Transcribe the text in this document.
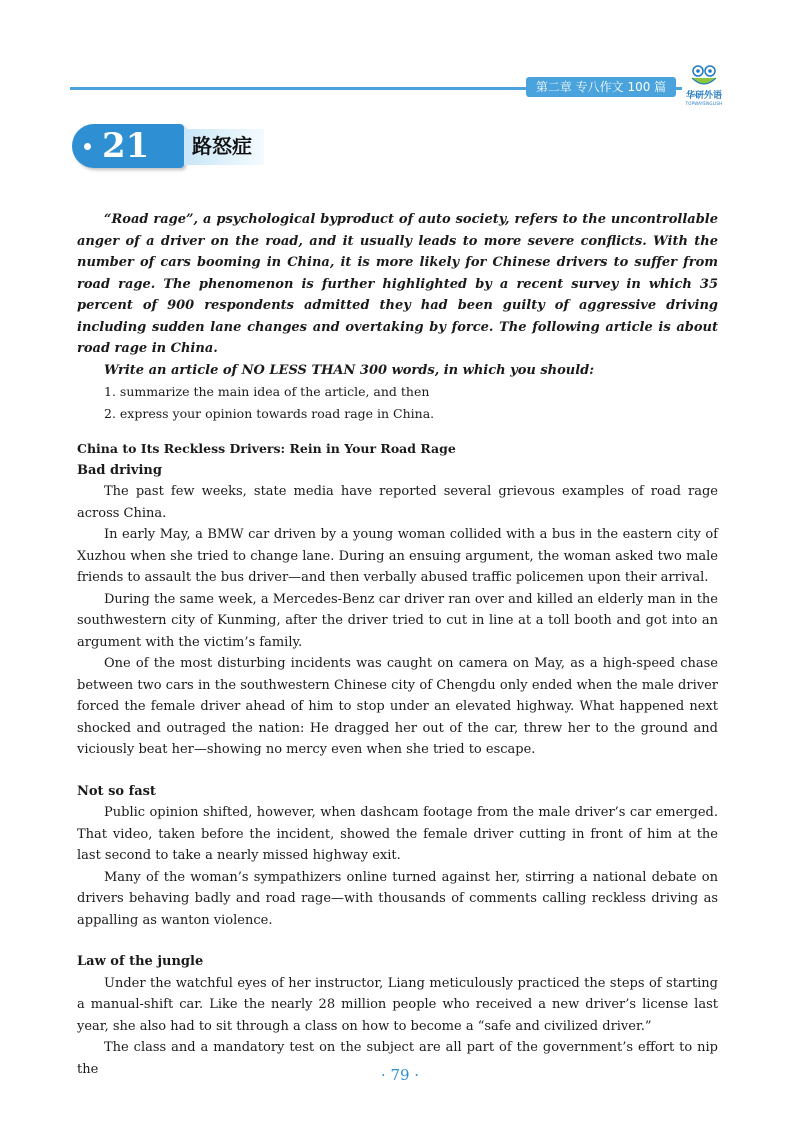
第二章 专八作文 100 篇
华研外语
TOPWAYENGLISH
21	路怒症

“Road rage”, a psychological byproduct of auto society, refers to the uncontrollable anger of a driver on the road, and it usually leads to more severe conflicts. With the number of cars booming in China, it is more likely for Chinese drivers to suffer from road rage. The phenomenon is further highlighted by a recent survey in which 35 percent of 900 respondents admitted they had been guilty of aggressive driving including sudden lane changes and overtaking by force. The following article is about road rage in China.

Write an article of NO LESS THAN 300 words, in which you should:

1. summarize the main idea of the article, and then

2. express your opinion towards road rage in China.

China to Its Reckless Drivers: Rein in Your Road Rage

Bad driving

The past few weeks, state media have reported several grievous examples of road rage across China.

In early May, a BMW car driven by a young woman collided with a bus in the eastern city of Xuzhou when she tried to change lane. During an ensuing argument, the woman asked two male friends to assault the bus driver—and then verbally abused traffic policemen upon their arrival.

During the same week, a Mercedes-Benz car driver ran over and killed an elderly man in the southwestern city of Kunming, after the driver tried to cut in line at a toll booth and got into an argument with the victim’s family.

One of the most disturbing incidents was caught on camera on May, as a high-speed chase between two cars in the southwestern Chinese city of Chengdu only ended when the male driver forced the female driver ahead of him to stop under an elevated highway. What happened next shocked and outraged the nation: He dragged her out of the car, threw her to the ground and viciously beat her—showing no mercy even when she tried to escape.

Not so fast

Public opinion shifted, however, when dashcam footage from the male driver’s car emerged. That video, taken before the incident, showed the female driver cutting in front of him at the last second to take a nearly missed highway exit.

Many of the woman’s sympathizers online turned against her, stirring a national debate on drivers behaving badly and road rage—with thousands of comments calling reckless driving as appalling as wanton violence.

Law of the jungle

Under the watchful eyes of her instructor, Liang meticulously practiced the steps of starting a manual-shift car. Like the nearly 28 million people who received a new driver’s license last year, she also had to sit through a class on how to become a “safe and civilized driver.”

The class and a mandatory test on the subject are all part of the government’s effort to nip the	· 79 ·
